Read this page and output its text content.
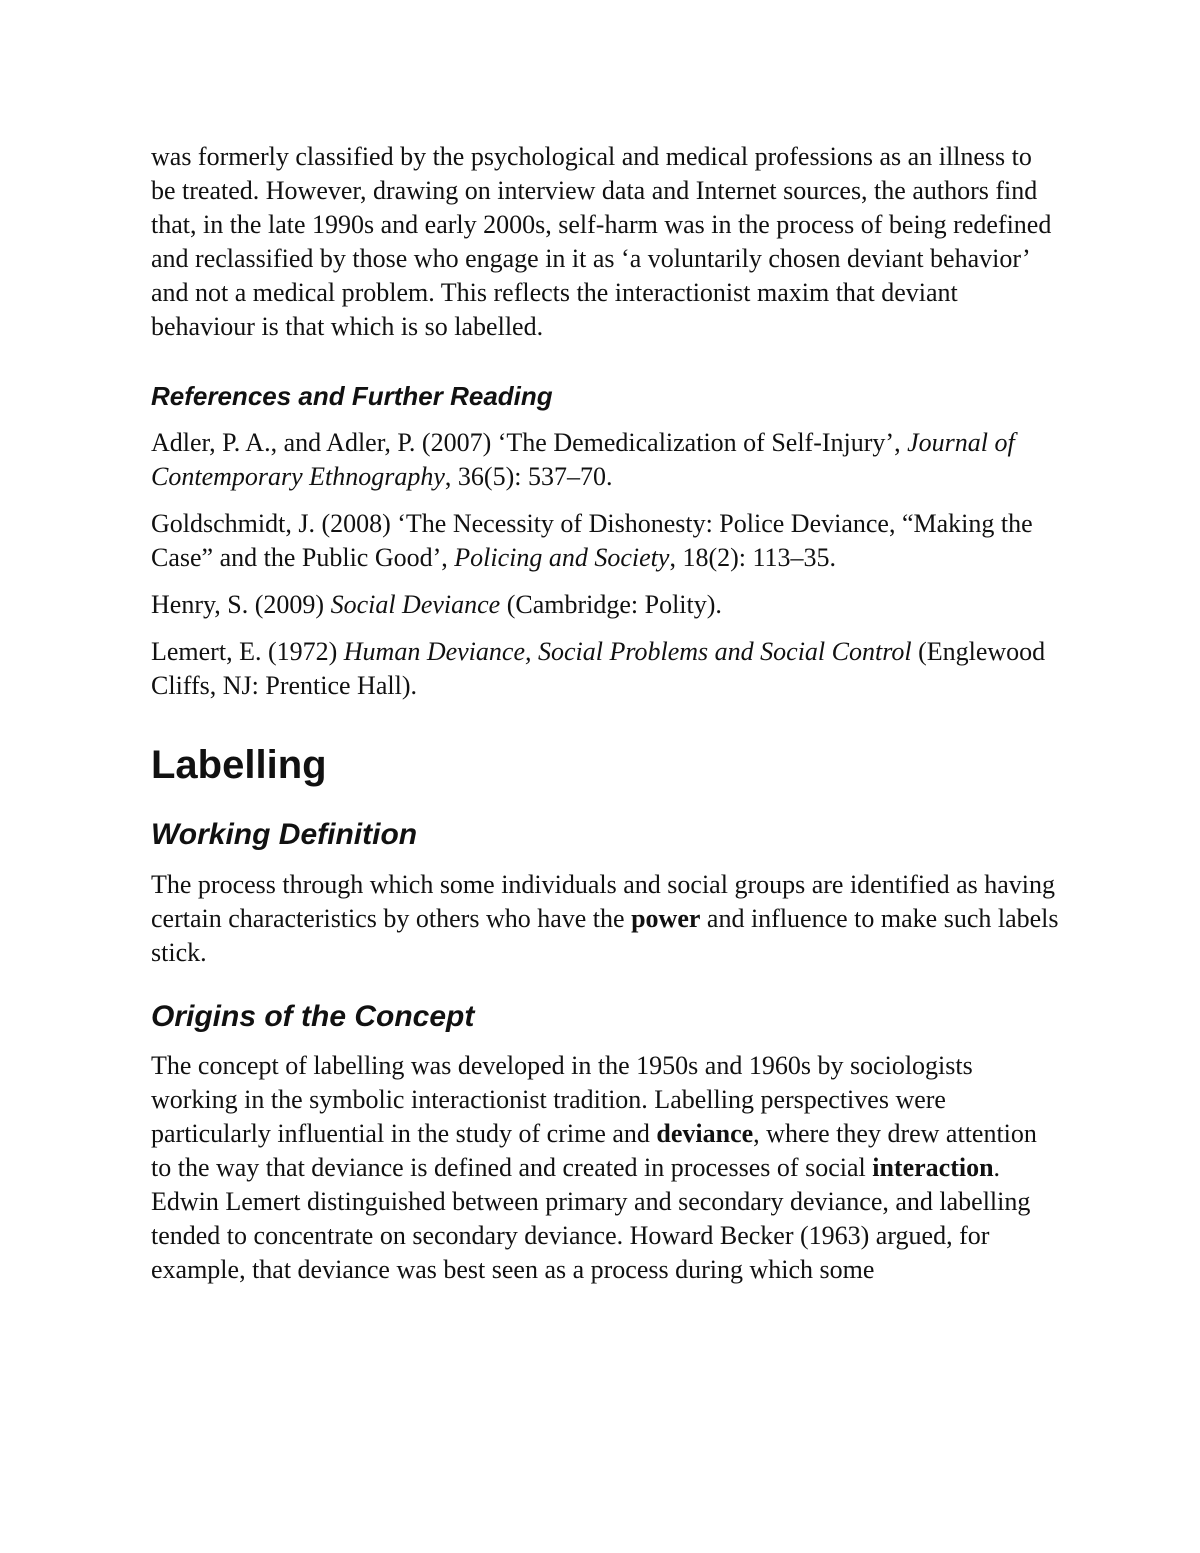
was formerly classified by the psychological and medical professions as an illness to be treated. However, drawing on interview data and Internet sources, the authors find that, in the late 1990s and early 2000s, self-harm was in the process of being redefined and reclassified by those who engage in it as ‘a voluntarily chosen deviant behavior’ and not a medical problem. This reflects the interactionist maxim that deviant behaviour is that which is so labelled.

References and Further Reading

Adler, P. A., and Adler, P. (2007) ‘The Demedicalization of Self-Injury’, Journal of Contemporary Ethnography, 36(5): 537–70.

Goldschmidt, J. (2008) ‘The Necessity of Dishonesty: Police Deviance, “Making the Case” and the Public Good’, Policing and Society, 18(2): 113–35.

Henry, S. (2009) Social Deviance (Cambridge: Polity).

Lemert, E. (1972) Human Deviance, Social Problems and Social Control (Englewood Cliffs, NJ: Prentice Hall).

Labelling
Working Definition

The process through which some individuals and social groups are identified as having certain characteristics by others who have the power and influence to make such labels stick.

Origins of the Concept

The concept of labelling was developed in the 1950s and 1960s by sociologists working in the symbolic interactionist tradition. Labelling perspectives were particularly influential in the study of crime and deviance, where they drew attention to the way that deviance is defined and created in processes of social interaction. Edwin Lemert distinguished between primary and secondary deviance, and labelling tended to concentrate on secondary deviance. Howard Becker (1963) argued, for example, that deviance was best seen as a process during which some
